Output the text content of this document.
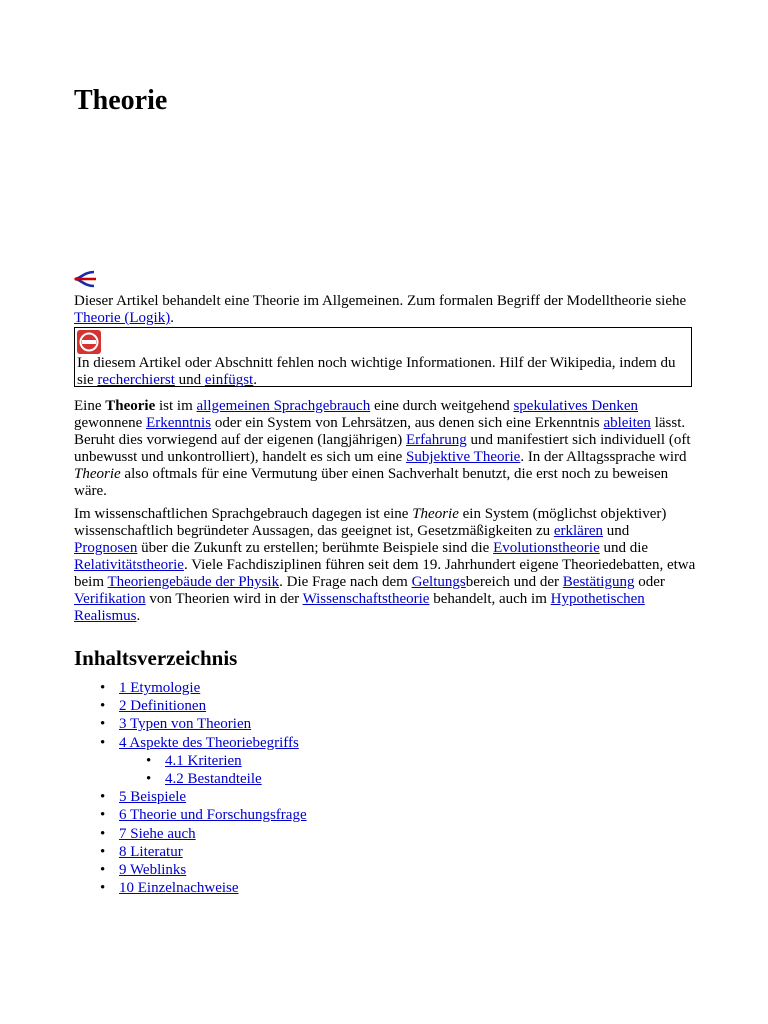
Theorie

Dieser Artikel behandelt eine Theorie im Allgemeinen. Zum formalen Begriff der Modelltheorie siehe Theorie (Logik).

In diesem Artikel oder Abschnitt fehlen noch wichtige Informationen. Hilf der Wikipedia, indem du sie recherchierst und einfügst.

Eine Theorie ist im allgemeinen Sprachgebrauch eine durch weitgehend spekulatives Denken gewonnene Erkenntnis oder ein System von Lehrsätzen, aus denen sich eine Erkenntnis ableiten lässt. Beruht dies vorwiegend auf der eigenen (langjährigen) Erfahrung und manifestiert sich individuell (oft unbewusst und unkontrolliert), handelt es sich um eine Subjektive Theorie. In der Alltagssprache wird Theorie also oftmals für eine Vermutung über einen Sachverhalt benutzt, die erst noch zu beweisen wäre.

Im wissenschaftlichen Sprachgebrauch dagegen ist eine Theorie ein System (möglichst objektiver) wissenschaftlich begründeter Aussagen, das geeignet ist, Gesetzmäßigkeiten zu erklären und Prognosen über die Zukunft zu erstellen; berühmte Beispiele sind die Evolutionstheorie und die Relativitätstheorie. Viele Fachdisziplinen führen seit dem 19. Jahrhundert eigene Theoriedebatten, etwa beim Theoriengebäude der Physik. Die Frage nach dem Geltungsbereich und der Bestätigung oder Verifikation von Theorien wird in der Wissenschaftstheorie behandelt, auch im Hypothetischen Realismus.

Inhaltsverzeichnis
• 1 Etymologie
• 2 Definitionen
• 3 Typen von Theorien
• 4 Aspekte des Theoriebegriffs
• 4.1 Kriterien
• 4.2 Bestandteile
• 5 Beispiele
• 6 Theorie und Forschungsfrage
• 7 Siehe auch
• 8 Literatur
• 9 Weblinks
• 10 Einzelnachweise
